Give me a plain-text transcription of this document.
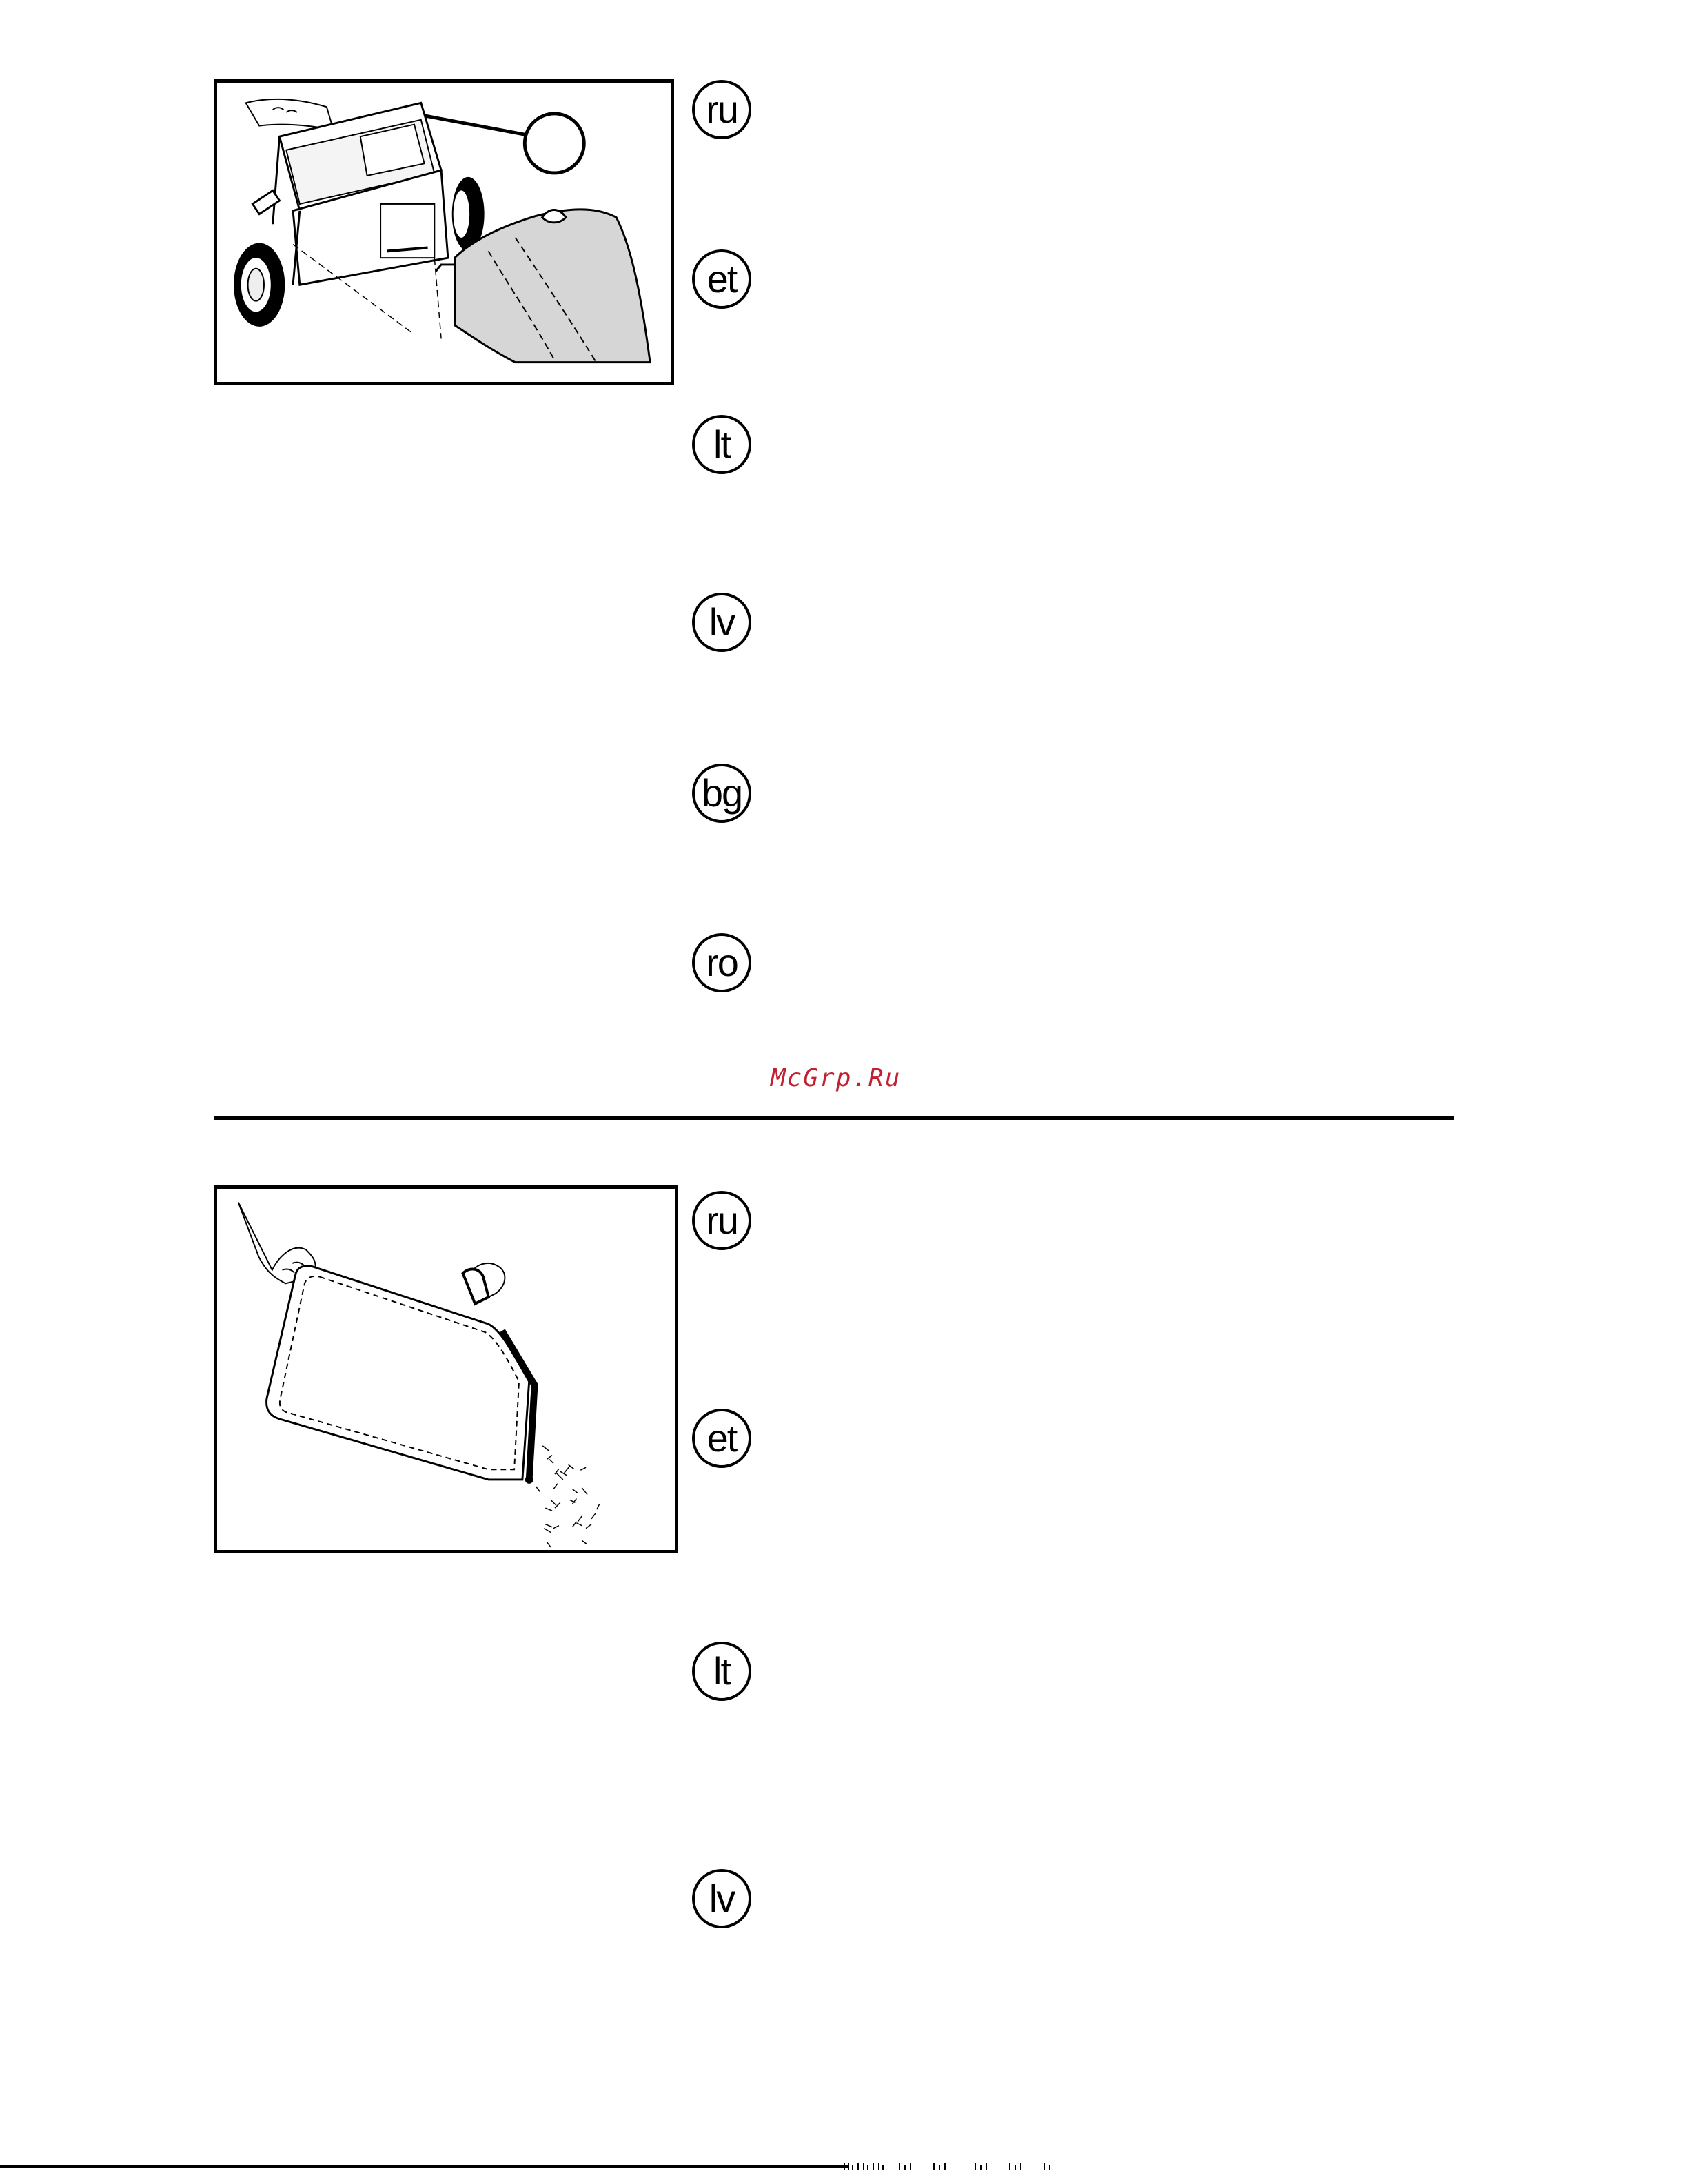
ru
et
lt
lv
bg
ro
McGrp.Ru
ru
et
lt
lv
